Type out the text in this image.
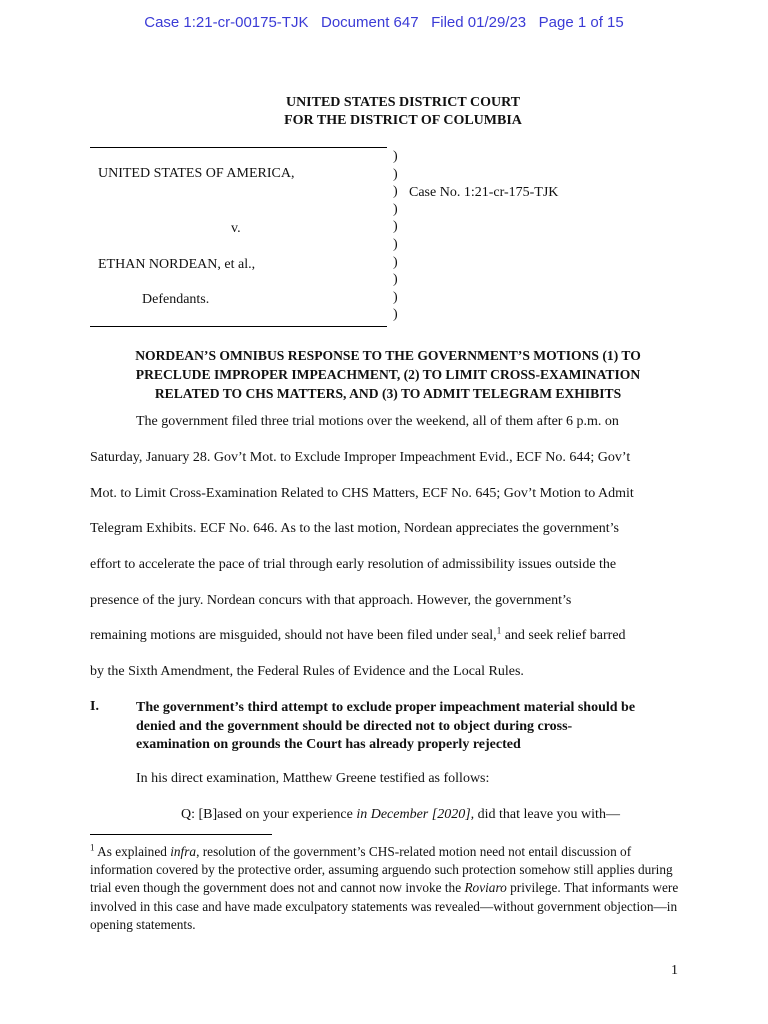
Case 1:21-cr-00175-TJK Document 647 Filed 01/29/23 Page 1 of 15
UNITED STATES DISTRICT COURT
FOR THE DISTRICT OF COLUMBIA
)
)
)
)
)
)
)
)
)
)
UNITED STATES OF AMERICA,
Case No. 1:21-cr-175-TJK
v.
ETHAN NORDEAN, et al.,
Defendants.
NORDEAN’S OMNIBUS RESPONSE TO THE GOVERNMENT’S MOTIONS (1) TO
PRECLUDE IMPROPER IMPEACHMENT, (2) TO LIMIT CROSS-EXAMINATION
RELATED TO CHS MATTERS, AND (3) TO ADMIT TELEGRAM EXHIBITS
The government filed three trial motions over the weekend, all of them after 6 p.m. on
Saturday, January 28. Gov’t Mot. to Exclude Improper Impeachment Evid., ECF No. 644; Gov’t
Mot. to Limit Cross-Examination Related to CHS Matters, ECF No. 645; Gov’t Motion to Admit
Telegram Exhibits. ECF No. 646. As to the last motion, Nordean appreciates the government’s
effort to accelerate the pace of trial through early resolution of admissibility issues outside the
presence of the jury. Nordean concurs with that approach. However, the government’s
remaining motions are misguided, should not have been filed under seal,$^1$ and seek relief barred
by the Sixth Amendment, the Federal Rules of Evidence and the Local Rules.
I.	The government’s third attempt to exclude proper impeachment material should be
denied and the government should be directed not to object during cross-
examination on grounds the Court has already properly rejected
In his direct examination, Matthew Greene testified as follows:
Q: [B]ased on your experience in December [2020], did that leave you with—
$^1$ As explained infra, resolution of the government’s CHS-related motion need not entail discussion of information covered by the protective order, assuming arguendo such protection somehow still applies during trial even though the government does not and cannot now invoke the Roviaro privilege. That informants were involved in this case and have made exculpatory statements was revealed—without government objection—in opening statements.
1
